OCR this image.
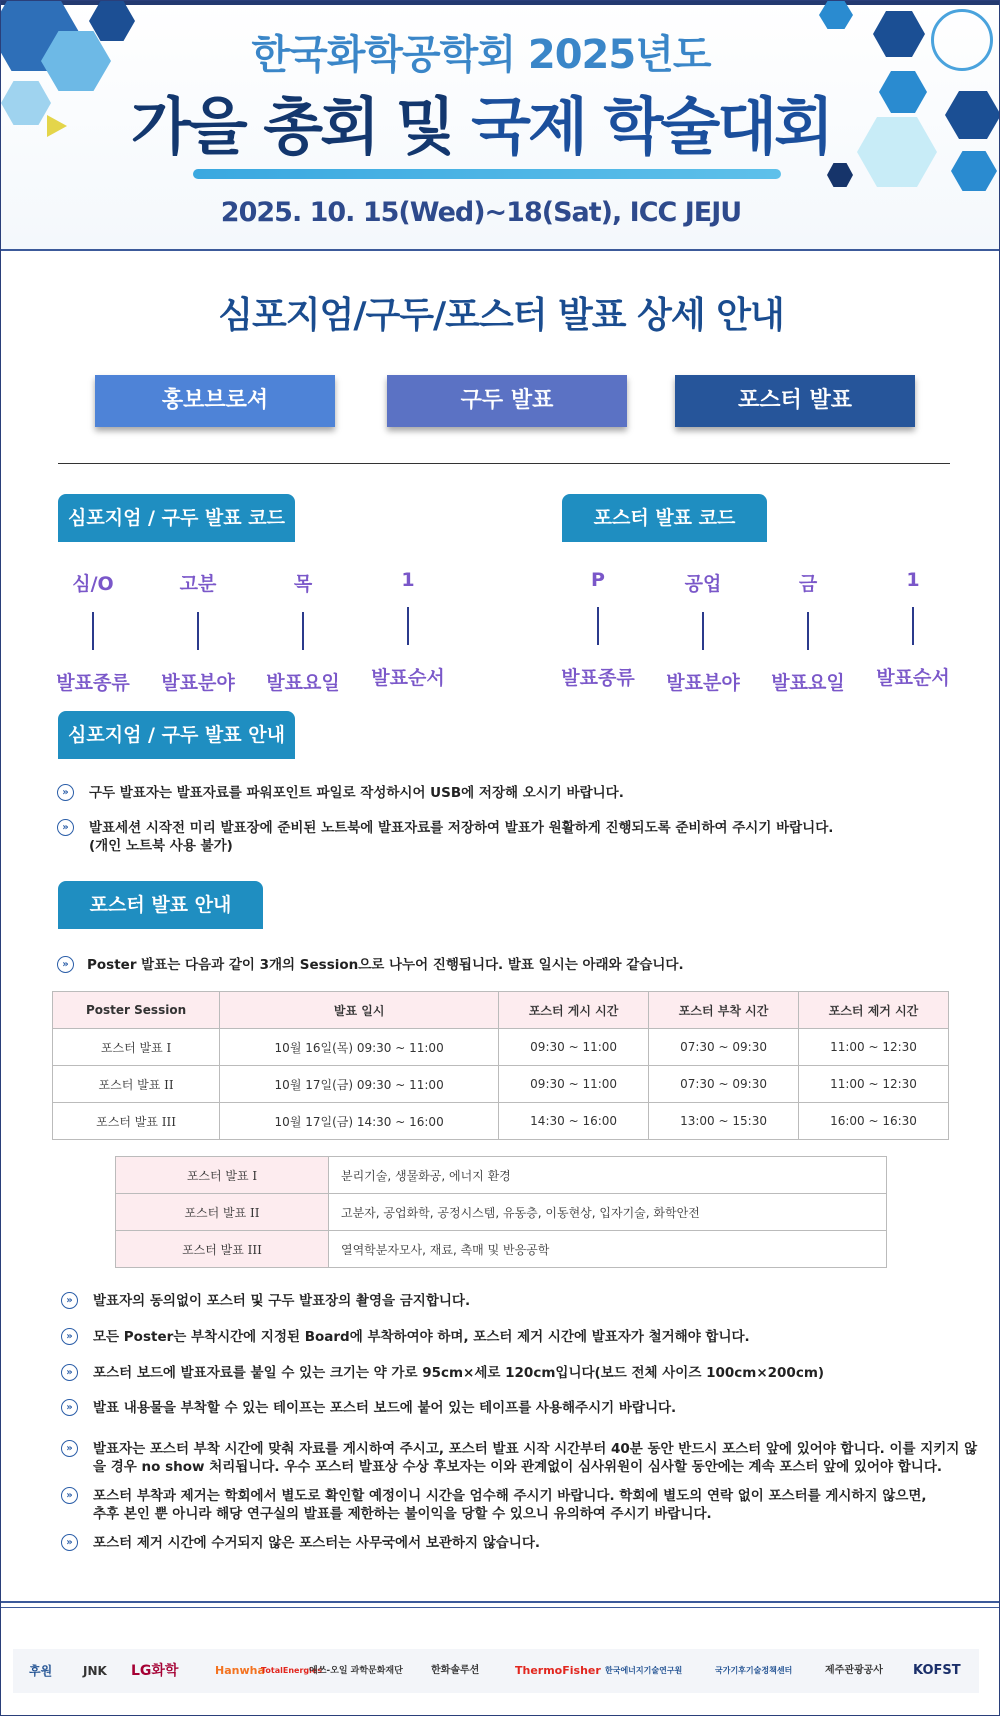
한국화학공학회 2025년도
가을 총회 및 국제 학술대회
2025. 10. 15(Wed)~18(Sat), ICC JEJU
심포지엄/구두/포스터 발표 상세 안내
홍보브로셔	구두 발표	포스터 발표
심포지엄 / 구두 발표 코드	포스터 발표 코드
심/O
발표종류
고분
발표분야
목
발표요일
1
발표순서
P
발표종류
공업
발표분야
금
발표요일
1
발표순서
심포지엄 / 구두 발표 안내
»	구두 발표자는 발표자료를 파워포인트 파일로 작성하시어 USB에 저장해 오시기 바랍니다.
»	발표세션 시작전 미리 발표장에 준비된 노트북에 발표자료를 저장하여 발표가 원활하게 진행되도록 준비하여 주시기 바랍니다.
(개인 노트북 사용 불가)
포스터 발표 안내
»	Poster 발표는 다음과 같이 3개의 Session으로 나누어 진행됩니다. 발표 일시는 아래와 같습니다.
Poster Session	발표 일시	포스터 게시 시간	포스터 부착 시간	포스터 제거 시간
포스터 발표 I	10월 16일(목) 09:30 ~ 11:00	09:30 ~ 11:00	07:30 ~ 09:30	11:00 ~ 12:30
포스터 발표 II	10월 17일(금) 09:30 ~ 11:00	09:30 ~ 11:00	07:30 ~ 09:30	11:00 ~ 12:30
포스터 발표 III	10월 17일(금) 14:30 ~ 16:00	14:30 ~ 16:00	13:00 ~ 15:30	16:00 ~ 16:30
포스터 발표 I	분리기술, 생물화공, 에너지 환경
포스터 발표 II	고분자, 공업화학, 공정시스템, 유동층, 이동현상, 입자기술, 화학안전
포스터 발표 III	열역학분자모사, 재료, 촉매 및 반응공학
»	발표자의 동의없이 포스터 및 구두 발표장의 촬영을 금지합니다.
»	모든 Poster는 부착시간에 지정된 Board에 부착하여야 하며, 포스터 제거 시간에 발표자가 철거해야 합니다.
»	포스터 보드에 발표자료를 붙일 수 있는 크기는 약 가로 95cm×세로 120cm입니다(보드 전체 사이즈 100cm×200cm)
»	발표 내용물을 부착할 수 있는 테이프는 포스터 보드에 붙어 있는 테이프를 사용해주시기 바랍니다.
»	발표자는 포스터 부착 시간에 맞춰 자료를 게시하여 주시고, 포스터 발표 시작 시간부터 40분 동안 반드시 포스터 앞에 있어야 합니다. 이를 지키지 않
을 경우 no show 처리됩니다. 우수 포스터 발표상 수상 후보자는 이와 관계없이 심사위원이 심사할 동안에는 계속 포스터 앞에 있어야 합니다.
»	포스터 부착과 제거는 학회에서 별도로 확인할 예정이니 시간을 엄수해 주시기 바랍니다. 학회에 별도의 연락 없이 포스터를 게시하지 않으면,
추후 본인 뿐 아니라 해당 연구실의 발표를 제한하는 불이익을 당할 수 있으니 유의하여 주시기 바랍니다.
»	포스터 제거 시간에 수거되지 않은 포스터는 사무국에서 보관하지 않습니다.
후원	JNK LG화학	Hanwha
TotalEnergies
에쓰-오일 과학문화재단	한화솔루션	ThermoFisher 한국에너지기술연구원	국가기후기술정책센터	제주관광공사 KOFST
